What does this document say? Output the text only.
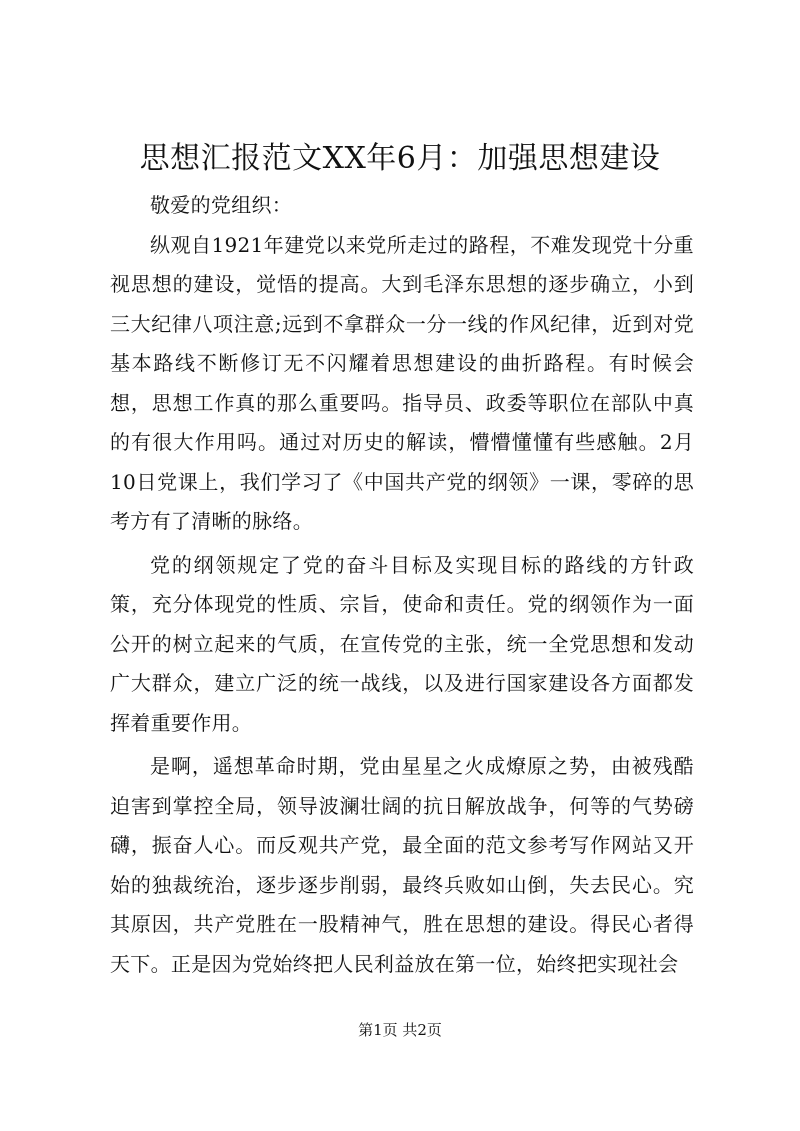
思想汇报范文XX年6月：加强思想建设

敬爱的党组织：

纵观自1921年建党以来党所走过的路程，不难发现党十分重视思想的建设，觉悟的提高。大到毛泽东思想的逐步确立，小到三大纪律八项注意;远到不拿群众一分一线的作风纪律，近到对党基本路线不断修订无不闪耀着思想建设的曲折路程。有时候会想，思想工作真的那么重要吗。指导员、政委等职位在部队中真的有很大作用吗。通过对历史的解读，懵懵懂懂有些感触。2月10日党课上，我们学习了《中国共产党的纲领》一课，零碎的思考方有了清晰的脉络。

党的纲领规定了党的奋斗目标及实现目标的路线的方针政策，充分体现党的性质、宗旨，使命和责任。党的纲领作为一面公开的树立起来的气质，在宣传党的主张，统一全党思想和发动广大群众，建立广泛的统一战线，以及进行国家建设各方面都发挥着重要作用。

是啊，遥想革命时期，党由星星之火成燎原之势，由被残酷迫害到掌控全局，领导波澜壮阔的抗日解放战争，何等的气势磅礴，振奋人心。而反观共产党，最全面的范文参考写作网站又开始的独裁统治，逐步逐步削弱，最终兵败如山倒，失去民心。究其原因，共产党胜在一股精神气，胜在思想的建设。得民心者得天下。正是因为党始终把人民利益放在第一位，始终把实现社会

第1页 共2页
